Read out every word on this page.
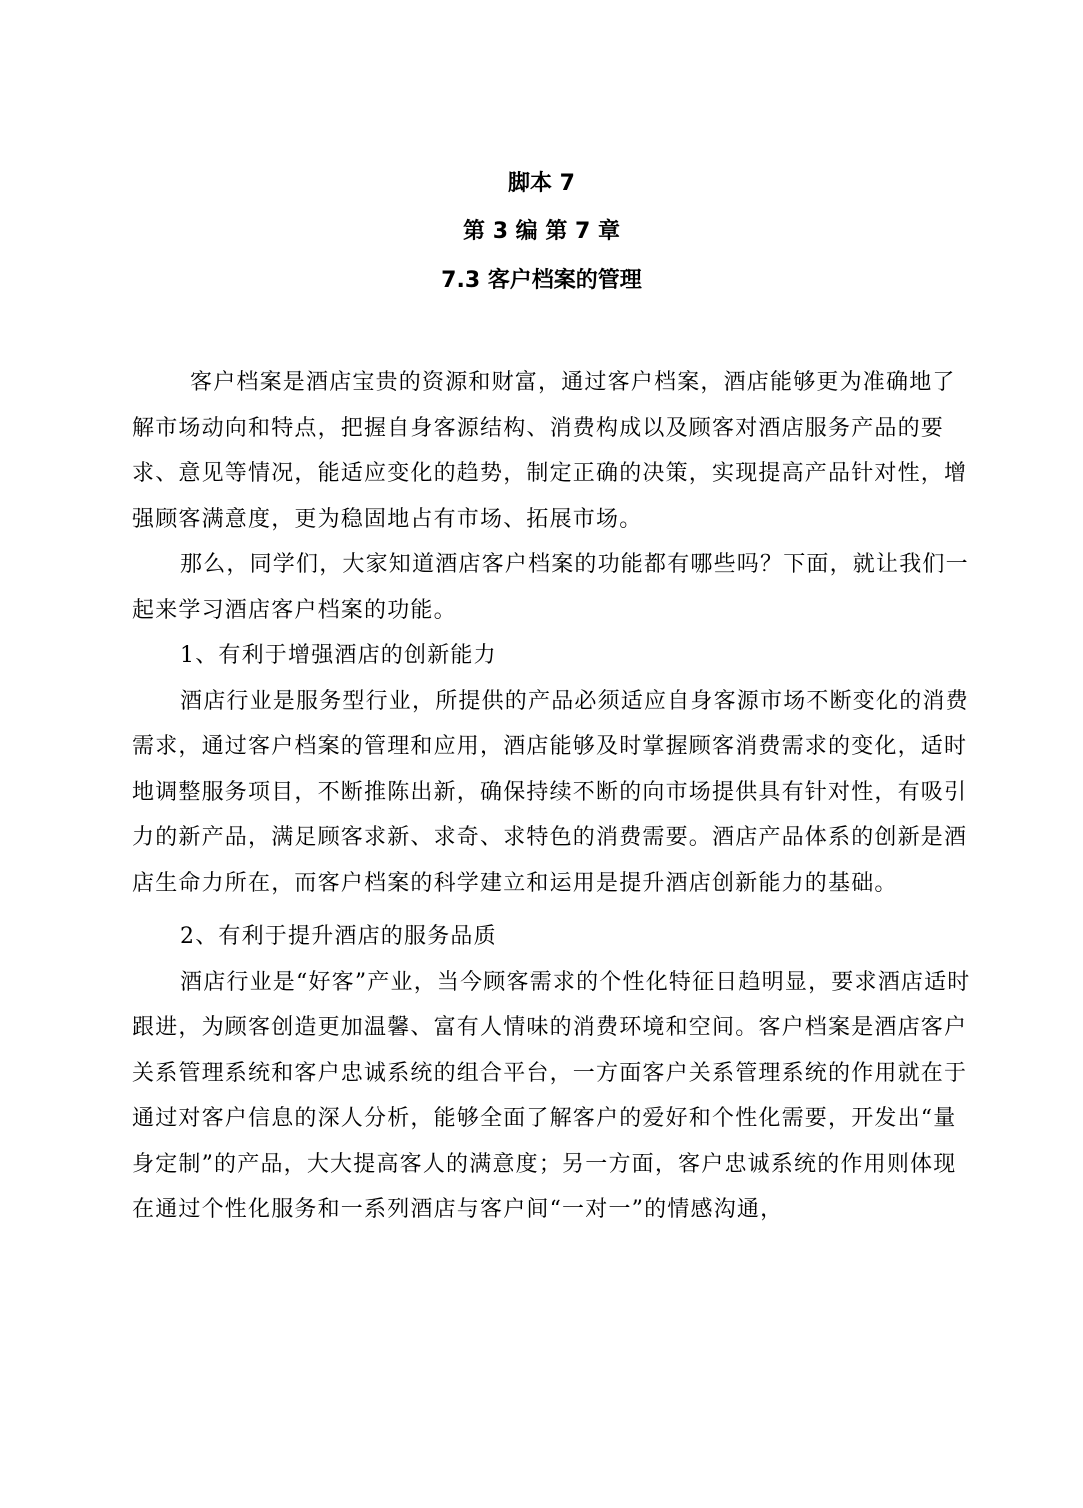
脚本 7
第 3 编 第 7 章
7.3 客户档案的管理

客户档案是酒店宝贵的资源和财富，通过客户档案，酒店能够更为准确地了解市场动向和特点，把握自身客源结构、消费构成以及顾客对酒店服务产品的要求、意见等情况，能适应变化的趋势，制定正确的决策，实现提高产品针对性，增强顾客满意度，更为稳固地占有市场、拓展市场。

那么，同学们，大家知道酒店客户档案的功能都有哪些吗？下面，就让我们一起来学习酒店客户档案的功能。

1、有利于增强酒店的创新能力

酒店行业是服务型行业，所提供的产品必须适应自身客源市场不断变化的消费需求，通过客户档案的管理和应用，酒店能够及时掌握顾客消费需求的变化，适时地调整服务项目，不断推陈出新，确保持续不断的向市场提供具有针对性，有吸引力的新产品，满足顾客求新、求奇、求特色的消费需要。酒店产品体系的创新是酒店生命力所在，而客户档案的科学建立和运用是提升酒店创新能力的基础。

2、有利于提升酒店的服务品质

酒店行业是“好客”产业，当今顾客需求的个性化特征日趋明显，要求酒店适时跟进，为顾客创造更加温馨、富有人情味的消费环境和空间。客户档案是酒店客户关系管理系统和客户忠诚系统的组合平台，一方面客户关系管理系统的作用就在于通过对客户信息的深人分析，能够全面了解客户的爱好和个性化需要，开发出“量身定制”的产品，大大提高客人的满意度；另一方面，客户忠诚系统的作用则体现在通过个性化服务和一系列酒店与客户间“一对一”的情感沟通，
